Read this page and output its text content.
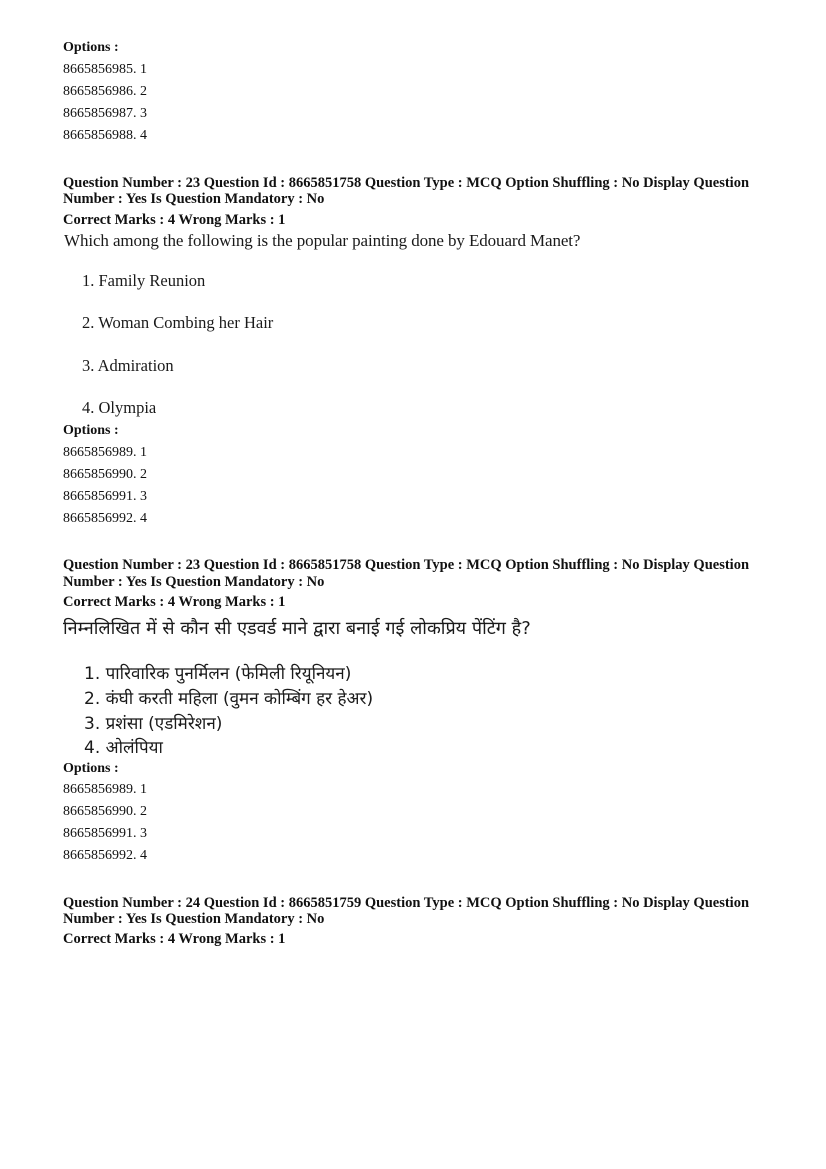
Options :
8665856985. 1
8665856986. 2
8665856987. 3
8665856988. 4
Question Number : 23 Question Id : 8665851758 Question Type : MCQ Option Shuffling : No Display Question
Number : Yes Is Question Mandatory : No
Correct Marks : 4 Wrong Marks : 1
Which among the following is the popular painting done by Edouard Manet?
1. Family Reunion
2. Woman Combing her Hair
3. Admiration
4. Olympia
Options :
8665856989. 1
8665856990. 2
8665856991. 3
8665856992. 4
Question Number : 23 Question Id : 8665851758 Question Type : MCQ Option Shuffling : No Display Question
Number : Yes Is Question Mandatory : No
Correct Marks : 4 Wrong Marks : 1
निम्नलिखित में से कौन सी एडवर्ड माने द्वारा बनाई गई लोकप्रिय पेंटिंग है?
1. पारिवारिक पुनर्मिलन (फेमिली रियूनियन)
2. कंघी करती महिला (वुमन कोम्बिंग हर हेअर)
3. प्रशंसा (एडमिरेशन)
4. ओलंपिया
Options :
8665856989. 1
8665856990. 2
8665856991. 3
8665856992. 4
Question Number : 24 Question Id : 8665851759 Question Type : MCQ Option Shuffling : No Display Question
Number : Yes Is Question Mandatory : No
Correct Marks : 4 Wrong Marks : 1
